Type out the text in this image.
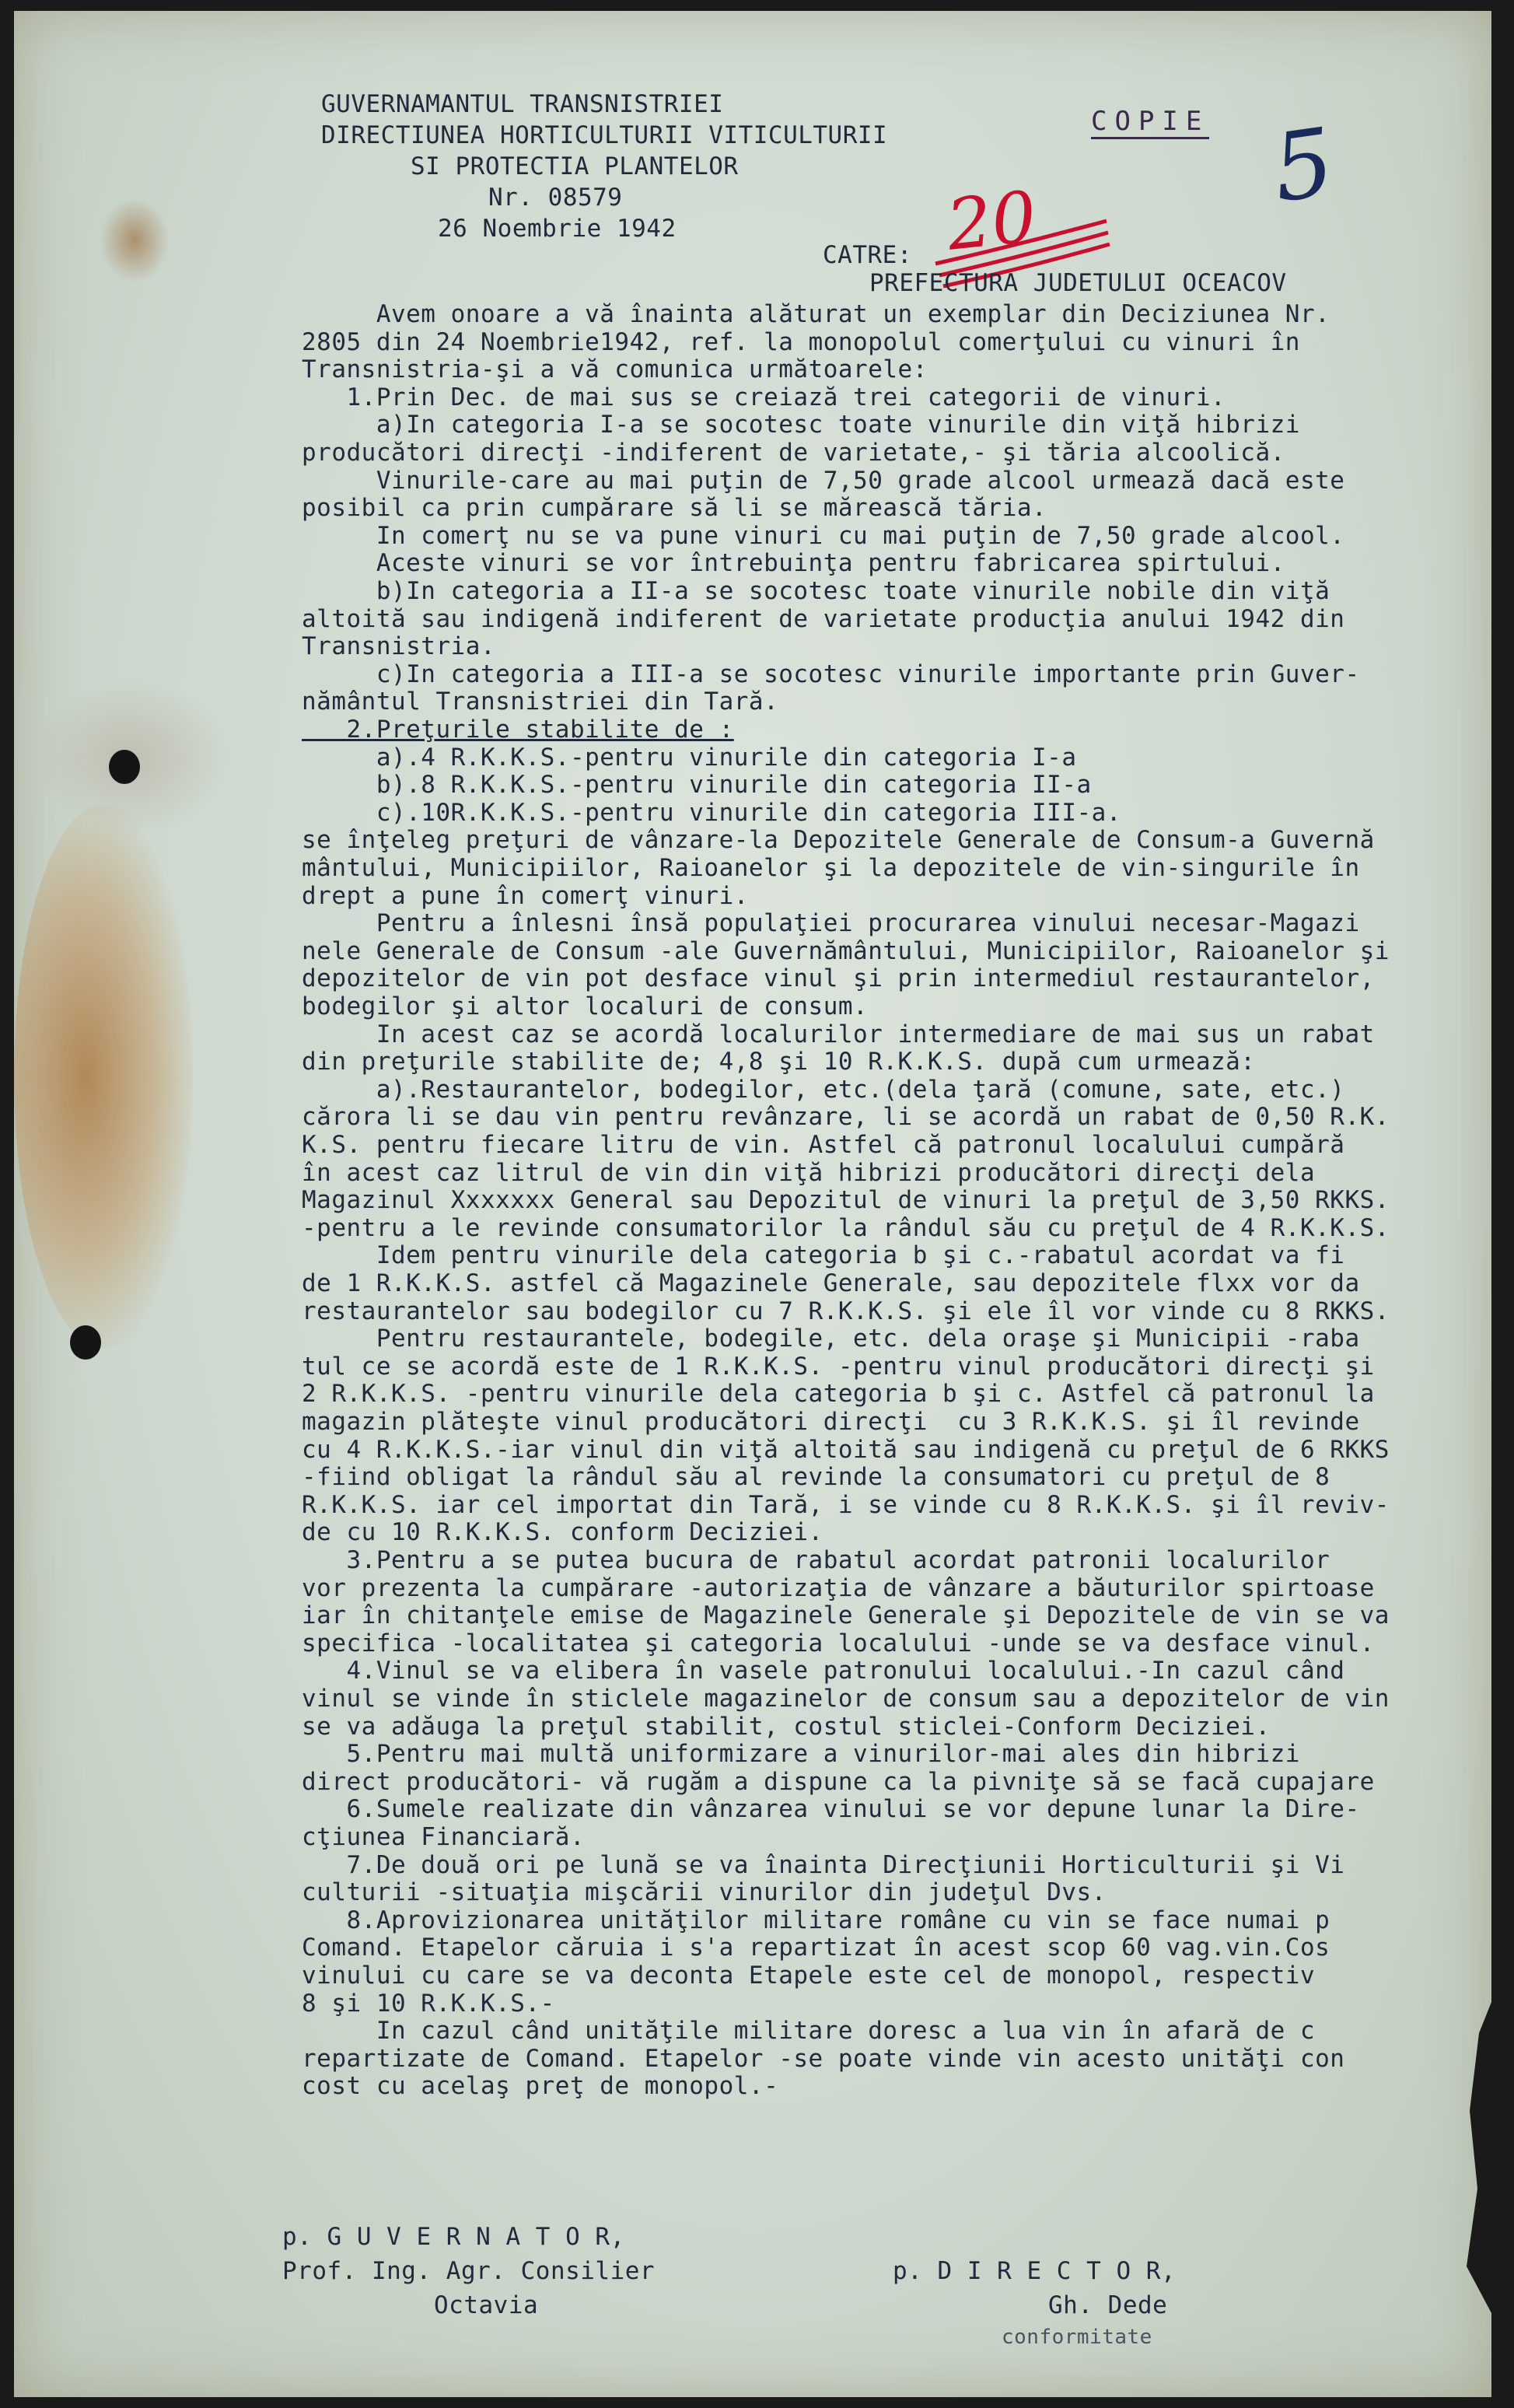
GUVERNAMANTUL TRANSNISTRIEI
DIRECTIUNEA HORTICULTURII VITICULTURII
SI PROTECTIA PLANTELOR
Nr. 08579
26 Noembrie 1942
COPIE 5
20
CATRE:
PREFECTURA JUDETULUI OCEACOV
Avem onoare a vă înainta alăturat un exemplar din Deciziunea Nr.
2805 din 24 Noembrie1942, ref. la monopolul comerţului cu vinuri în
Transnistria-şi a vă comunica următoarele:
1.Prin Dec. de mai sus se creiază trei categorii de vinuri.
a)In categoria I-a se socotesc toate vinurile din viţă hibrizi
producători direcţi -indiferent de varietate,- şi tăria alcoolică.
Vinurile-care au mai puţin de 7,50 grade alcool urmează dacă este
posibil ca prin cumpărare să li se mărească tăria.
In comerţ nu se va pune vinuri cu mai puţin de 7,50 grade alcool.
Aceste vinuri se vor întrebuinţa pentru fabricarea spirtului.
b)In categoria a II-a se socotesc toate vinurile nobile din viţă
altoită sau indigenă indiferent de varietate producţia anului 1942 din
Transnistria.
c)In categoria a III-a se socotesc vinurile importante prin Guver-
nământul Transnistriei din Tară.
2.Preţurile stabilite de :
a).4 R.K.K.S.-pentru vinurile din categoria I-a
b).8 R.K.K.S.-pentru vinurile din categoria II-a
c).10R.K.K.S.-pentru vinurile din categoria III-a.
se înţeleg preţuri de vânzare-la Depozitele Generale de Consum-a Guvernă
mântului, Municipiilor, Raioanelor şi la depozitele de vin-singurile în
drept a pune în comerţ vinuri.
Pentru a înlesni însă populaţiei procurarea vinului necesar-Magazi
nele Generale de Consum -ale Guvernământului, Municipiilor, Raioanelor şi
depozitelor de vin pot desface vinul şi prin intermediul restaurantelor,
bodegilor şi altor localuri de consum.
In acest caz se acordă localurilor intermediare de mai sus un rabat
din preţurile stabilite de; 4,8 şi 10 R.K.K.S. după cum urmează:
a).Restaurantelor, bodegilor, etc.(dela ţară (comune, sate, etc.)
cărora li se dau vin pentru revânzare, li se acordă un rabat de 0,50 R.K.
K.S. pentru fiecare litru de vin. Astfel că patronul localului cumpără
în acest caz litrul de vin din viţă hibrizi producători direcţi dela
Magazinul Xxxxxxx General sau Depozitul de vinuri la preţul de 3,50 RKKS.
-pentru a le revinde consumatorilor la rândul său cu preţul de 4 R.K.K.S.
Idem pentru vinurile dela categoria b şi c.-rabatul acordat va fi
de 1 R.K.K.S. astfel că Magazinele Generale, sau depozitele flxx vor da
restaurantelor sau bodegilor cu 7 R.K.K.S. şi ele îl vor vinde cu 8 RKKS.
Pentru restaurantele, bodegile, etc. dela oraşe şi Municipii -raba
tul ce se acordă este de 1 R.K.K.S. -pentru vinul producători direcţi şi
2 R.K.K.S. -pentru vinurile dela categoria b şi c. Astfel că patronul la
magazin plăteşte vinul producători direcţi  cu 3 R.K.K.S. şi îl revinde
cu 4 R.K.K.S.-iar vinul din viţă altoită sau indigenă cu preţul de 6 RKKS
-fiind obligat la rândul său al revinde la consumatori cu preţul de 8
R.K.K.S. iar cel importat din Tară, i se vinde cu 8 R.K.K.S. şi îl reviv-
de cu 10 R.K.K.S. conform Deciziei.
3.Pentru a se putea bucura de rabatul acordat patronii localurilor
vor prezenta la cumpărare -autorizaţia de vânzare a băuturilor spirtoase
iar în chitanţele emise de Magazinele Generale şi Depozitele de vin se va
specifica -localitatea şi categoria localului -unde se va desface vinul.
4.Vinul se va elibera în vasele patronului localului.-In cazul când
vinul se vinde în sticlele magazinelor de consum sau a depozitelor de vin
se va adăuga la preţul stabilit, costul sticlei-Conform Deciziei.
5.Pentru mai multă uniformizare a vinurilor-mai ales din hibrizi
direct producători- vă rugăm a dispune ca la pivniţe să se facă cupajare
6.Sumele realizate din vânzarea vinului se vor depune lunar la Dire-
cţiunea Financiară.
7.De două ori pe lună se va înainta Direcţiunii Horticulturii şi Vi
culturii -situaţia mişcării vinurilor din judeţul Dvs.
8.Aprovizionarea unităţilor militare române cu vin se face numai p
Comand. Etapelor căruia i s'a repartizat în acest scop 60 vag.vin.Cos
vinului cu care se va deconta Etapele este cel de monopol, respectiv
8 şi 10 R.K.K.S.-
In cazul când unităţile militare doresc a lua vin în afară de c
repartizate de Comand. Etapelor -se poate vinde vin acesto unităţi con
cost cu acelaş preţ de monopol.-
p. G U V E R N A T O R,
Prof. Ing. Agr. Consilier
Octavia
p. D I R E C T O R,
Gh. Dede
conformitate
